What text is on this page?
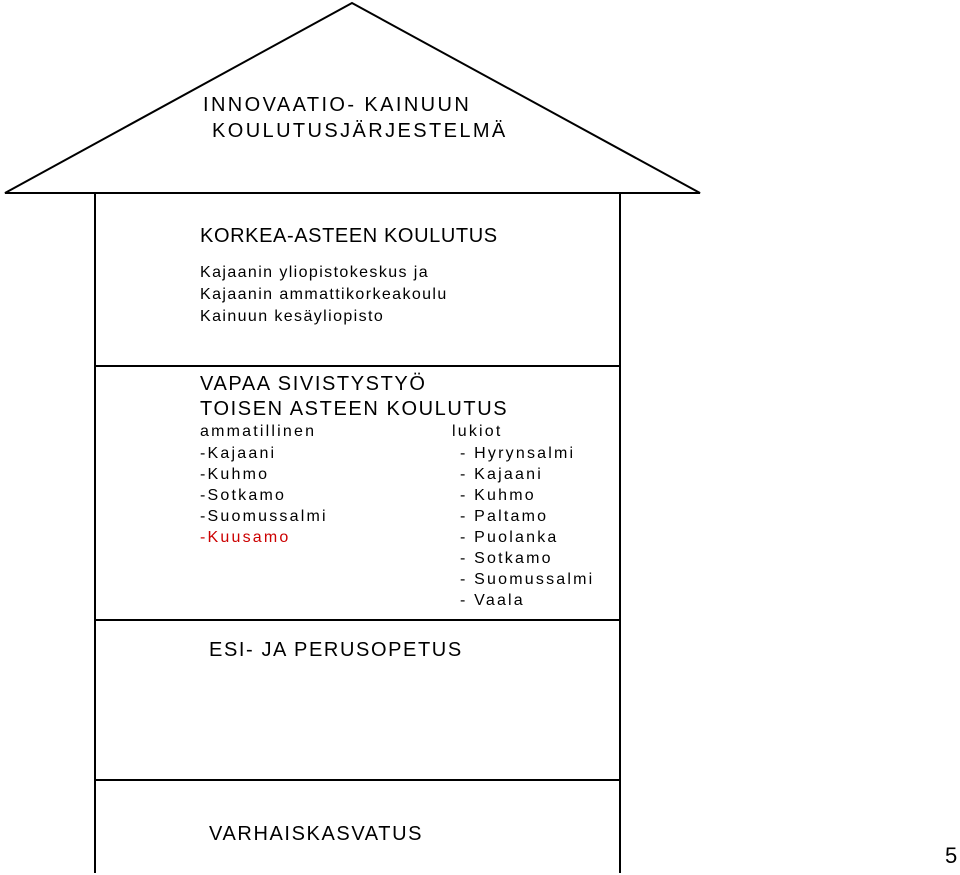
INNOVAATIO- KAINUUN
KOULUTUSJÄRJESTELMÄ
KORKEA-ASTEEN KOULUTUS
Kajaanin yliopistokeskus ja
Kajaanin ammattikorkeakoulu
Kainuun kesäyliopisto
VAPAA SIVISTYSTYÖ
TOISEN ASTEEN KOULUTUS
ammatillinen
-Kajaani
-Kuhmo
-Sotkamo
-Suomussalmi
-Kuusamo
lukiot
- Hyrynsalmi
- Kajaani
- Kuhmo
- Paltamo
- Puolanka
- Sotkamo
- Suomussalmi
- Vaala
ESI- JA PERUSOPETUS
VARHAISKASVATUS
5
